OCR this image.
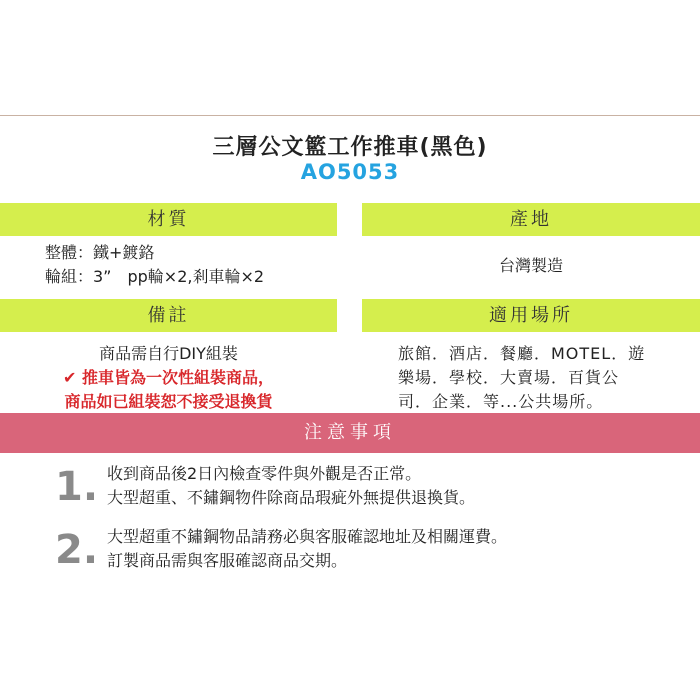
三層公文籃工作推車(黑色)
AO5053
材質	產地
整體：鐵+鍍鉻
輪組：3”　pp輪×2,剎車輪×2
台灣製造
備註	適用場所
商品需自行DIY組裝
✔ 推車皆為一次性組裝商品，
商品如已組裝恕不接受退換貨
旅館．酒店．餐廳．MOTEL．遊
樂場．學校．大賣場．百貨公
司．企業．等...公共場所。
注意事項
1. 收到商品後2日內檢查零件與外觀是否正常。
大型超重、不鏽鋼物件除商品瑕疵外無提供退換貨。
2. 大型超重不鏽鋼物品請務必與客服確認地址及相關運費。
訂製商品需與客服確認商品交期。
